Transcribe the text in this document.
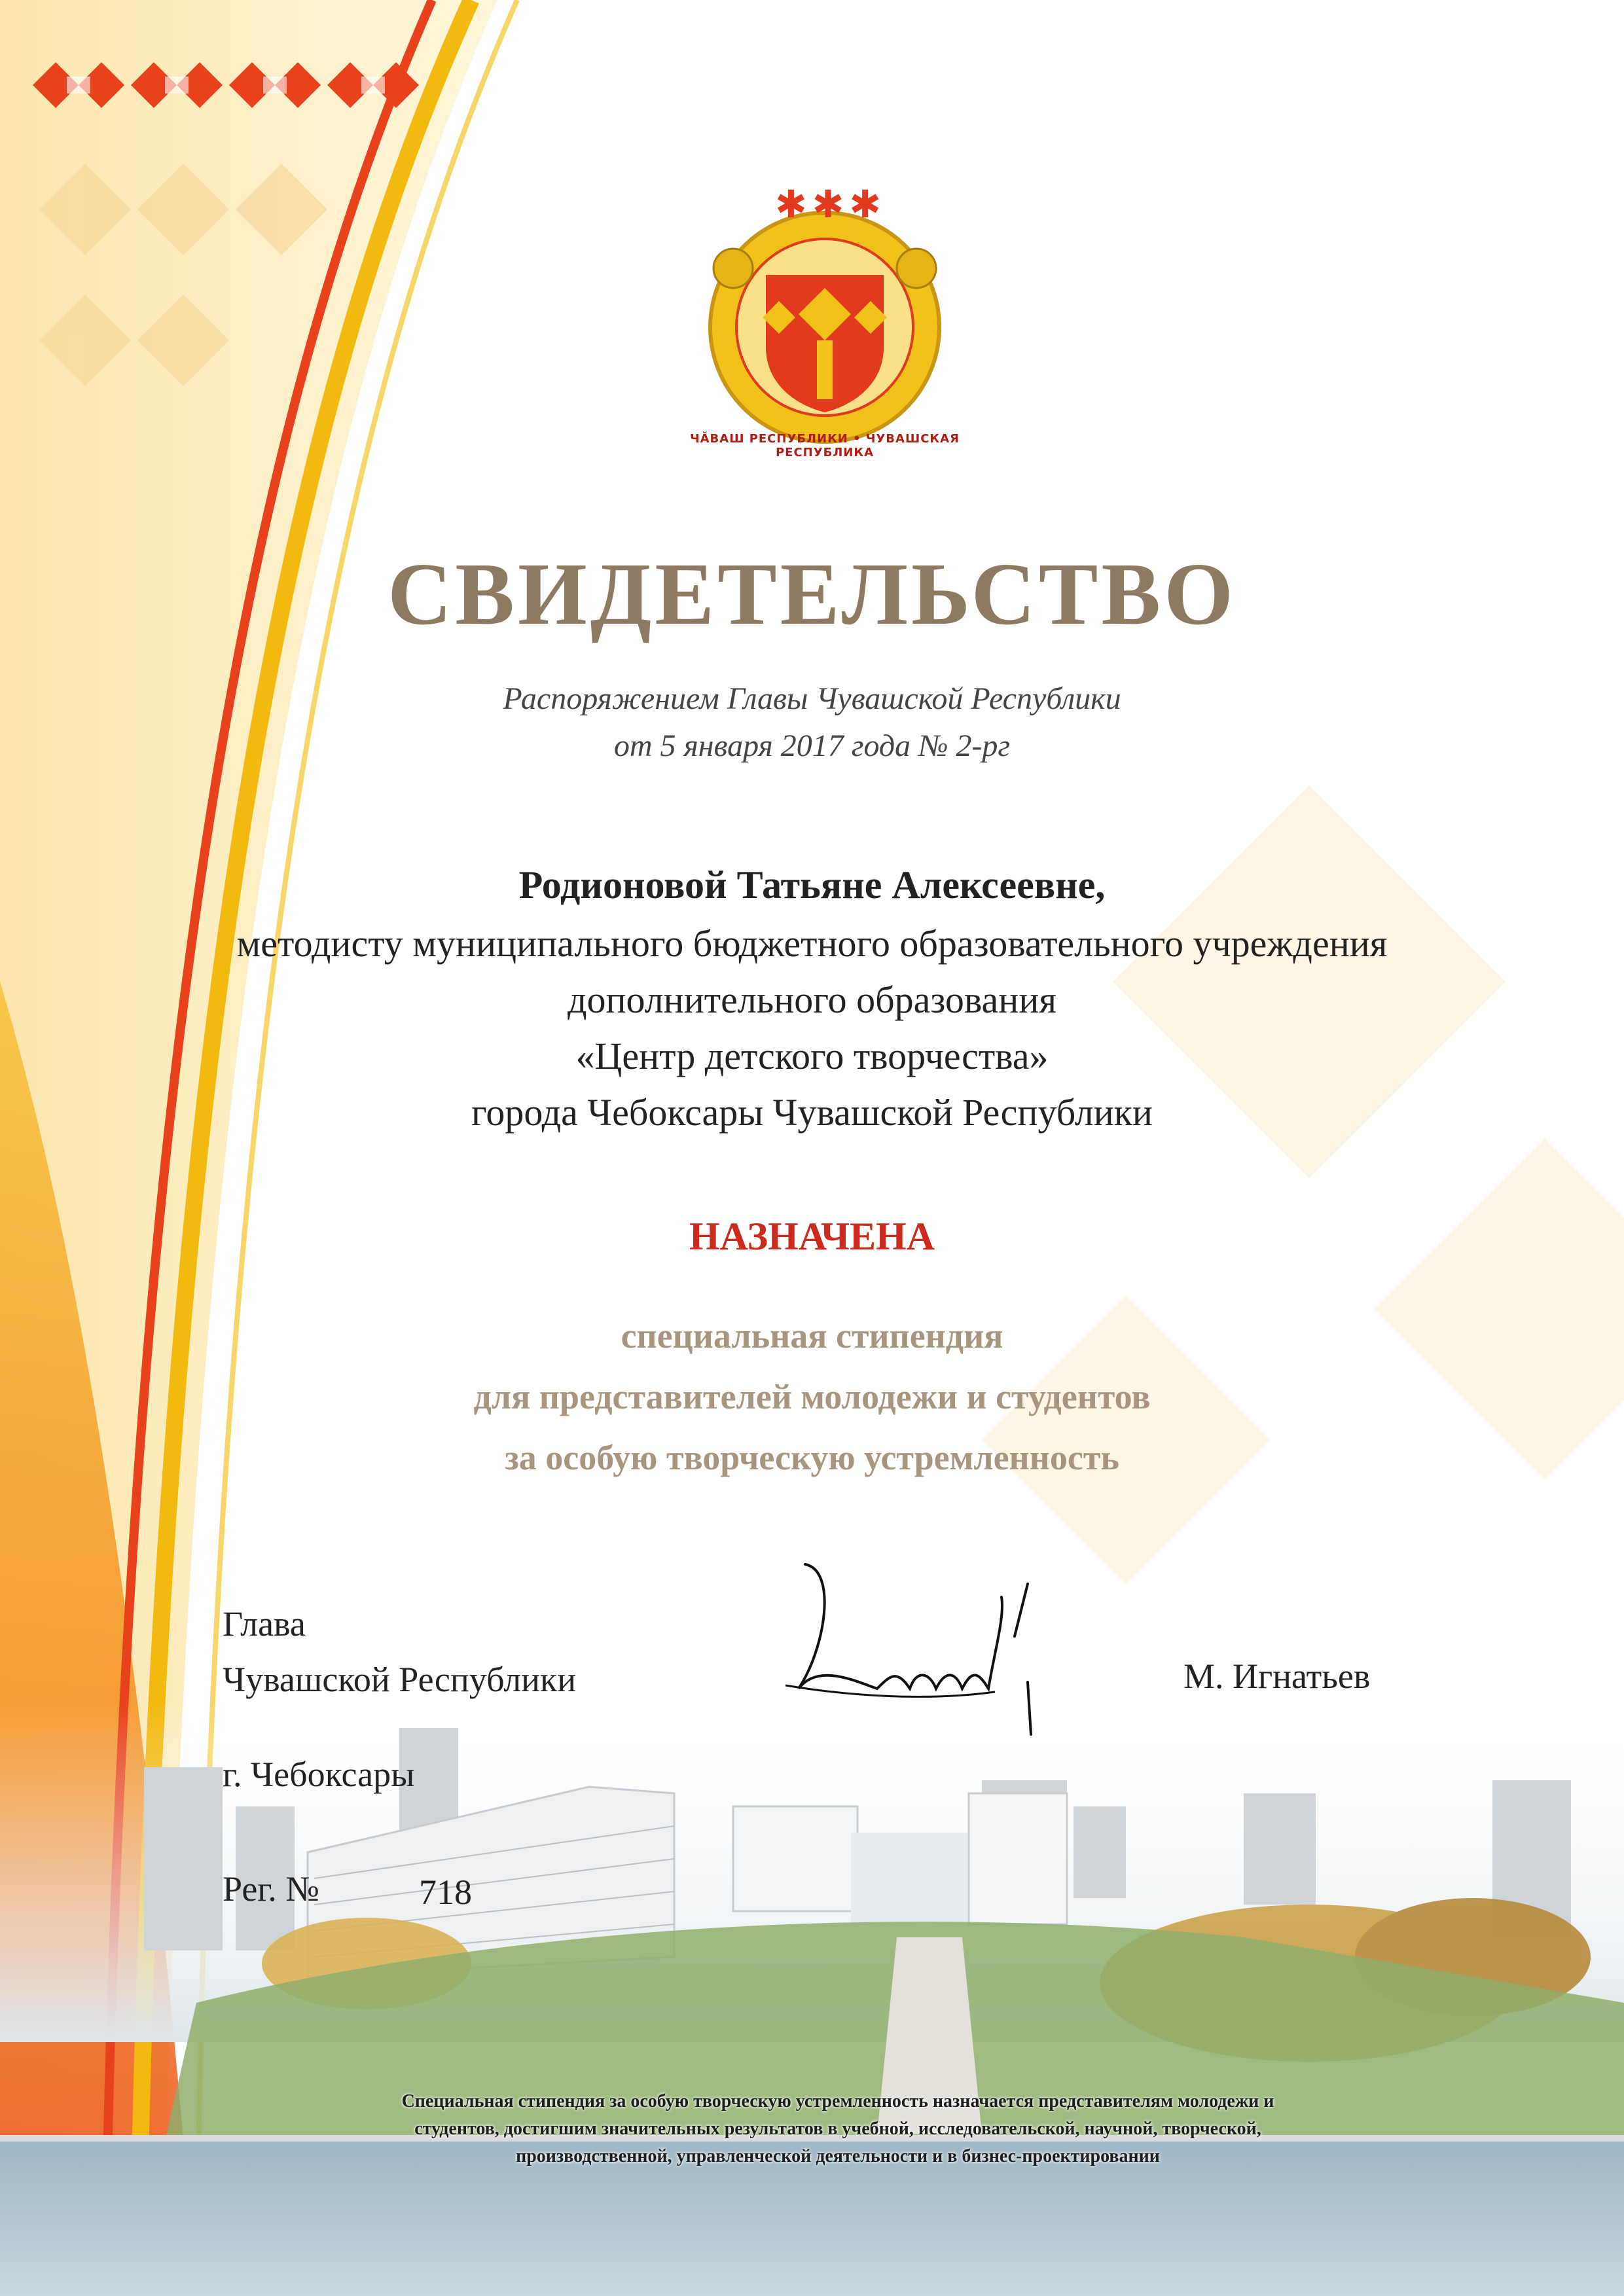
✱✱✱
ЧĂВАШ РЕСПУБЛИКИ • ЧУВАШСКАЯ РЕСПУБЛИКА
СВИДЕТЕЛЬСТВО
Распоряжением Главы Чувашской Республики
от 5 января 2017 года № 2-рг
Родионовой Татьяне Алексеевне,
методисту муниципального бюджетного образовательного учреждения
дополнительного образования
«Центр детского творчества»
города Чебоксары Чувашской Республики
НАЗНАЧЕНА
специальная стипендия
для представителей молодежи и студентов
за особую творческую устремленность
Глава
Чувашской Республики	М. Игнатьев
г. Чебоксары
Рег. №	718
Специальная стипендия за особую творческую устремленность назначается представителям молодежи и
студентов, достигшим значительных результатов в учебной, исследовательской, научной, творческой,
производственной, управленческой деятельности и в бизнес-проектировании
